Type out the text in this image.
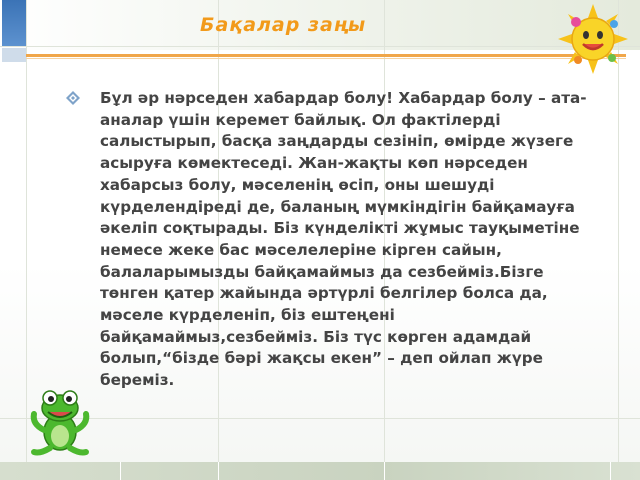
Бақалар заңы

Бұл әр нәрседен хабардар болу! Хабардар болу – ата-аналар үшін керемет байлық. Ол фактілерді салыстырып, басқа заңдарды сезініп, өмірде жүзеге асыруға көмектеседі. Жан-жақты көп нәрседен хабарсыз болу, мәселенің өсіп, оны шешуді күрделендіреді де, баланың мүмкіндігін байқамауға әкеліп соқтырады. Біз күнделікті жұмыс тауқыметіне немесе жеке бас мәселелеріне кірген сайын, балаларымызды байқамаймыз да сезбейміз.Бізге төнген қатер жайында әртүрлі белгілер болса да, мәселе күрделеніп, біз ештеңені байқамаймыз,сезбейміз. Біз түс көрген адамдай болып,“бізде бәрі жақсы екен” – деп ойлап жүре береміз.
